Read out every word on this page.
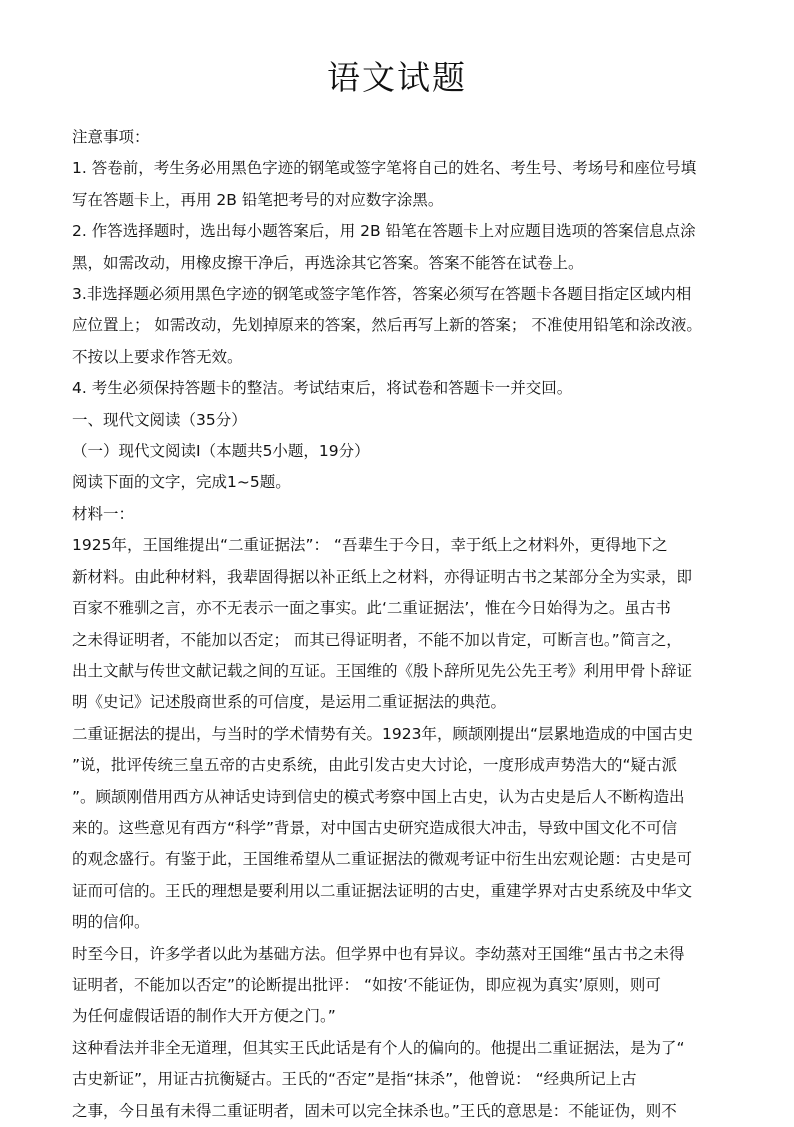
语文试题

注意事项：

1. 答卷前，考生务必用黑色字迹的钢笔或签字笔将自己的姓名、考生号、考场号和座位号填

写在答题卡上，再用 2B 铅笔把考号的对应数字涂黑。

2. 作答选择题时，选出每小题答案后，用 2B 铅笔在答题卡上对应题目选项的答案信息点涂

黑，如需改动，用橡皮擦干净后，再选涂其它答案。答案不能答在试卷上。

3.非选择题必须用黑色字迹的钢笔或签字笔作答，答案必须写在答题卡各题目指定区域内相

应位置上； 如需改动，先划掉原来的答案，然后再写上新的答案； 不准使用铅笔和涂改液。

不按以上要求作答无效。

4. 考生必须保持答题卡的整洁。考试结束后，将试卷和答题卡一并交回。

一、现代文阅读（35分）

（一）现代文阅读Ⅰ（本题共5小题，19分）

阅读下面的文字，完成1~5题。

材料一：

1925年，王国维提出“二重证据法”： “吾辈生于今日，幸于纸上之材料外，更得地下之

新材料。由此种材料，我辈固得据以补正纸上之材料，亦得证明古书之某部分全为实录，即

百家不雅驯之言，亦不无表示一面之事实。此‘二重证据法’，惟在今日始得为之。虽古书

之未得证明者，不能加以否定； 而其已得证明者，不能不加以肯定，可断言也。”简言之，

出土文献与传世文献记载之间的互证。王国维的《殷卜辞所见先公先王考》利用甲骨卜辞证

明《史记》记述殷商世系的可信度，是运用二重证据法的典范。

二重证据法的提出，与当时的学术情势有关。1923年，顾颉刚提出“层累地造成的中国古史

”说，批评传统三皇五帝的古史系统，由此引发古史大讨论，一度形成声势浩大的“疑古派

”。顾颉刚借用西方从神话史诗到信史的模式考察中国上古史，认为古史是后人不断构造出

来的。这些意见有西方“科学”背景，对中国古史研究造成很大冲击，导致中国文化不可信

的观念盛行。有鉴于此，王国维希望从二重证据法的微观考证中衍生出宏观论题：古史是可

证而可信的。王氏的理想是要利用以二重证据法证明的古史，重建学界对古史系统及中华文

明的信仰。

时至今日，许多学者以此为基础方法。但学界中也有异议。李幼蒸对王国维“虽古书之未得

证明者，不能加以否定”的论断提出批评： “如按‘不能证伪，即应视为真实’原则，则可

为任何虚假话语的制作大开方便之门。”

这种看法并非全无道理，但其实王氏此话是有个人的偏向的。他提出二重证据法，是为了“

古史新证”，用证古抗衡疑古。王氏的“否定”是指“抹杀”，他曾说： “经典所记上古

之事，今日虽有未得二重证明者，固未可以完全抹杀也。”王氏的意思是：不能证伪，则不
